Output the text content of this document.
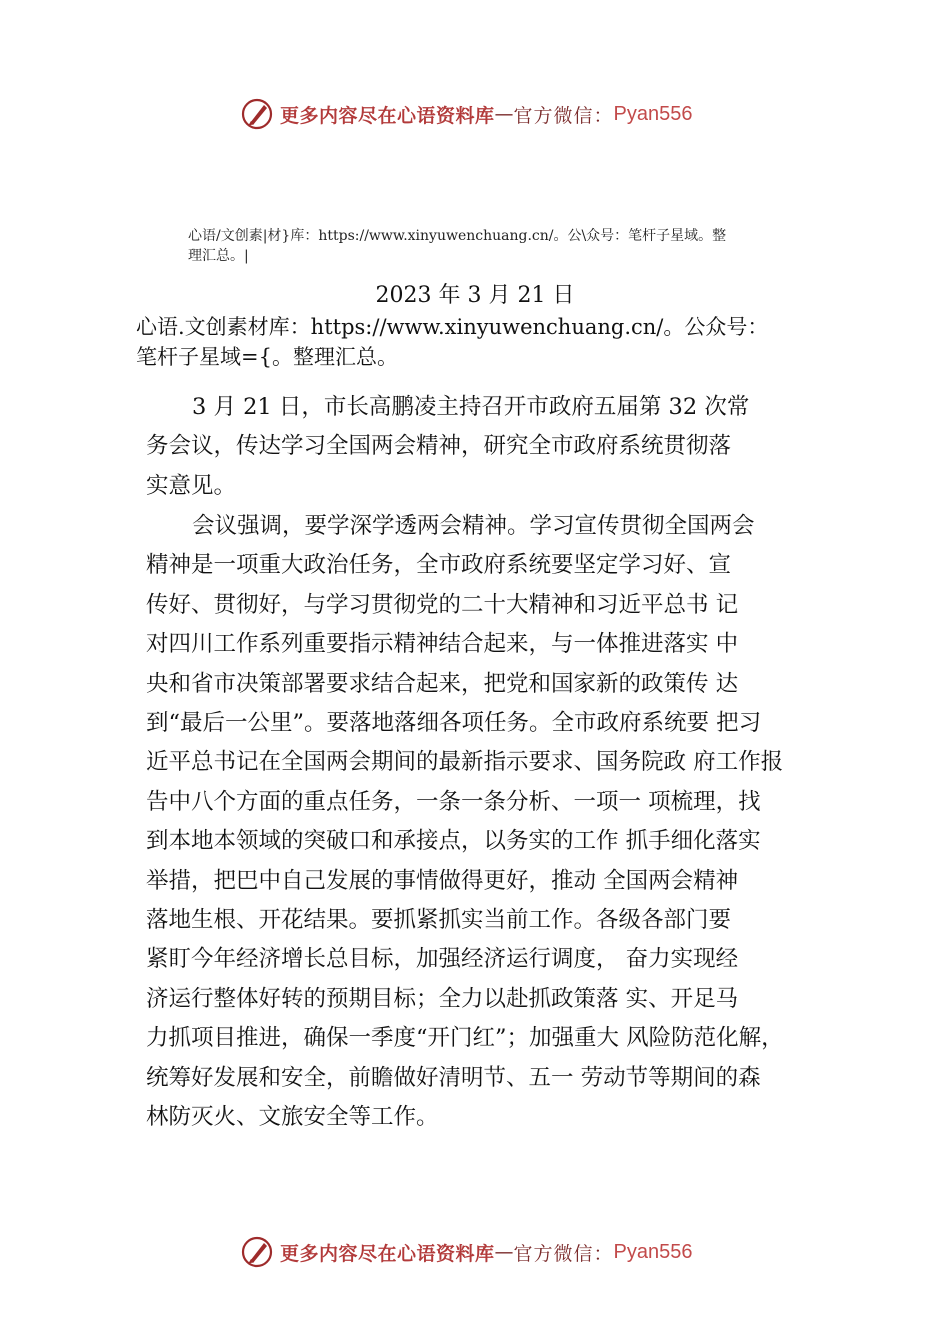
更多内容尽在心语资料库 — 官方微信： Pyan556
心语/文创素|材}库：https://www.xinyuwenchuang.cn/。公\众号：笔杆子星域。整
理汇总。|
2023 年 3 月 21 日
心语.文创素材库：https://www.xinyuwenchuang.cn/。公众号：
笔杆子星域={。整理汇总。
3 月 21 日，市长高鹏凌主持召开市政府五届第 32 次常
务会议，传达学习全国两会精神，研究全市政府系统贯彻落
实意见。
会议强调，要学深学透两会精神。学习宣传贯彻全国两会
精神是一项重大政治任务，全市政府系统要坚定学习好、宣
传好、贯彻好，与学习贯彻党的二十大精神和习近平总书 记
对四川工作系列重要指示精神结合起来，与一体推进落实 中
央和省市决策部署要求结合起来，把党和国家新的政策传 达
到“最后一公里”。要落地落细各项任务。全市政府系统要 把习
近平总书记在全国两会期间的最新指示要求、国务院政 府工作报
告中八个方面的重点任务，一条一条分析、一项一 项梳理，找
到本地本领域的突破口和承接点，以务实的工作 抓手细化落实
举措，把巴中自己发展的事情做得更好，推动 全国两会精神
落地生根、开花结果。要抓紧抓实当前工作。各级各部门要
紧盯今年经济增长总目标，加强经济运行调度， 奋力实现经
济运行整体好转的预期目标；全力以赴抓政策落 实、开足马
力抓项目推进，确保一季度“开门红”；加强重大 风险防范化解，
统筹好发展和安全，前瞻做好清明节、五一 劳动节等期间的森
林防灭火、文旅安全等工作。
更多内容尽在心语资料库 — 官方微信： Pyan556
